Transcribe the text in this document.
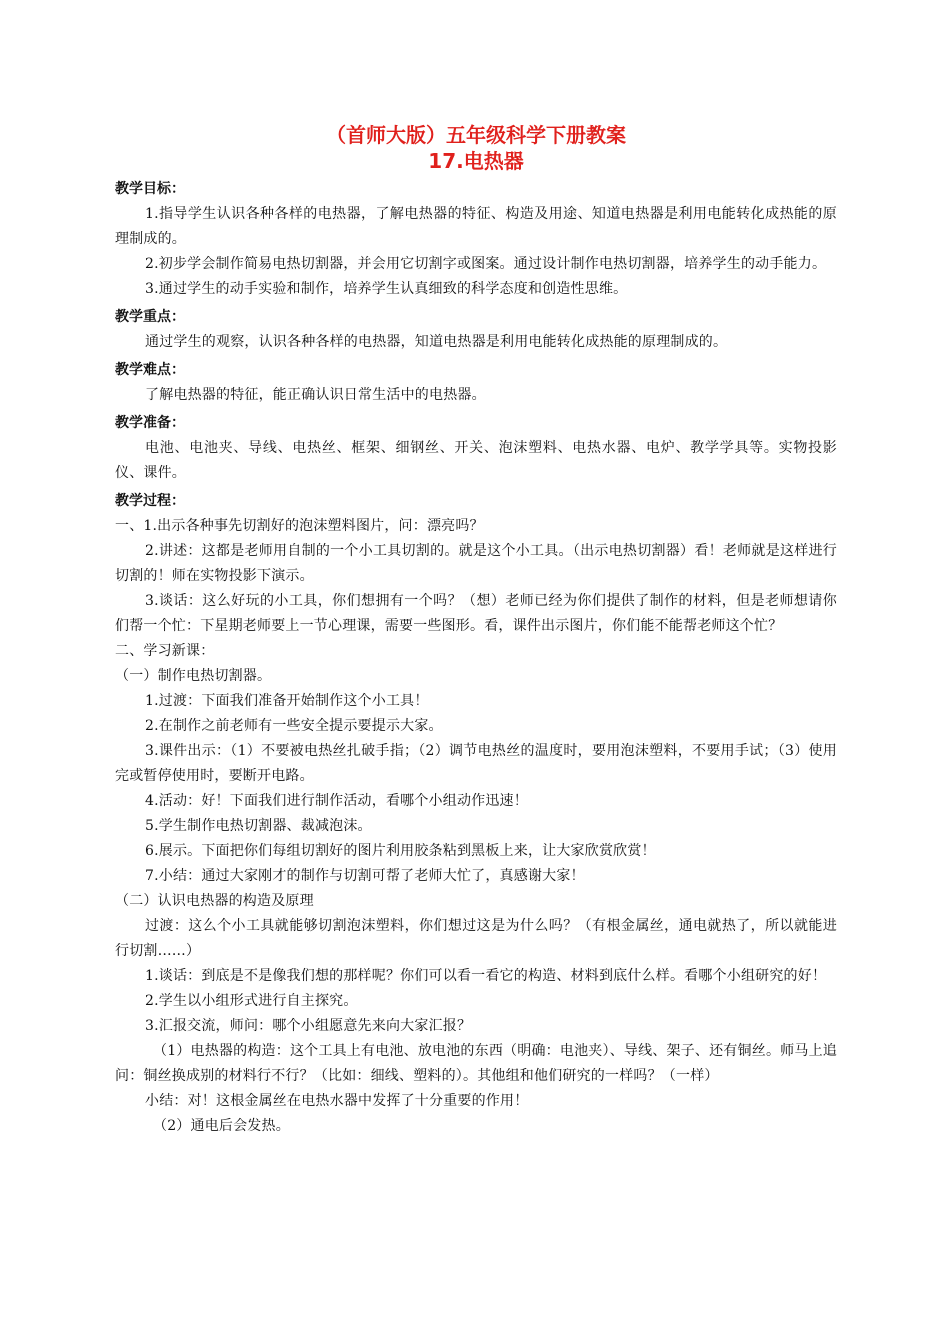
（首师大版）五年级科学下册教案
17.电热器
教学目标：
1.指导学生认识各种各样的电热器，了解电热器的特征、构造及用途、知道电热器是利用电能转化成热能的原理制成的。
2.初步学会制作简易电热切割器，并会用它切割字或图案。通过设计制作电热切割器，培养学生的动手能力。
3.通过学生的动手实验和制作，培养学生认真细致的科学态度和创造性思维。
教学重点：
通过学生的观察，认识各种各样的电热器，知道电热器是利用电能转化成热能的原理制成的。
教学难点：
了解电热器的特征，能正确认识日常生活中的电热器。
教学准备：
电池、电池夹、导线、电热丝、框架、细钢丝、开关、泡沫塑料、电热水器、电炉、教学学具等。实物投影仪、课件。
教学过程：
一、1.出示各种事先切割好的泡沫塑料图片，问：漂亮吗？
2.讲述：这都是老师用自制的一个小工具切割的。就是这个小工具。（出示电热切割器）看！老师就是这样进行切割的！师在实物投影下演示。
3.谈话：这么好玩的小工具，你们想拥有一个吗？（想）老师已经为你们提供了制作的材料，但是老师想请你们帮一个忙：下星期老师要上一节心理课，需要一些图形。看，课件出示图片，你们能不能帮老师这个忙？
二、学习新课：
（一）制作电热切割器。
1.过渡：下面我们准备开始制作这个小工具！
2.在制作之前老师有一些安全提示要提示大家。
3.课件出示：（1）不要被电热丝扎破手指；（2）调节电热丝的温度时，要用泡沫塑料，不要用手试；（3）使用完或暂停使用时，要断开电路。
4.活动：好！下面我们进行制作活动，看哪个小组动作迅速！
5.学生制作电热切割器、裁减泡沫。
6.展示。下面把你们每组切割好的图片利用胶条粘到黑板上来，让大家欣赏欣赏！
7.小结：通过大家刚才的制作与切割可帮了老师大忙了，真感谢大家！
（二）认识电热器的构造及原理
过渡：这么个小工具就能够切割泡沫塑料，你们想过这是为什么吗？（有根金属丝，通电就热了，所以就能进行切割……）
1.谈话：到底是不是像我们想的那样呢？你们可以看一看它的构造、材料到底什么样。看哪个小组研究的好！
2.学生以小组形式进行自主探究。
3.汇报交流，师问：哪个小组愿意先来向大家汇报？
（1）电热器的构造：这个工具上有电池、放电池的东西（明确：电池夹）、导线、架子、还有铜丝。师马上追问：铜丝换成别的材料行不行？（比如：细线、塑料的）。其他组和他们研究的一样吗？（一样）
小结：对！这根金属丝在电热水器中发挥了十分重要的作用！
（2）通电后会发热。
